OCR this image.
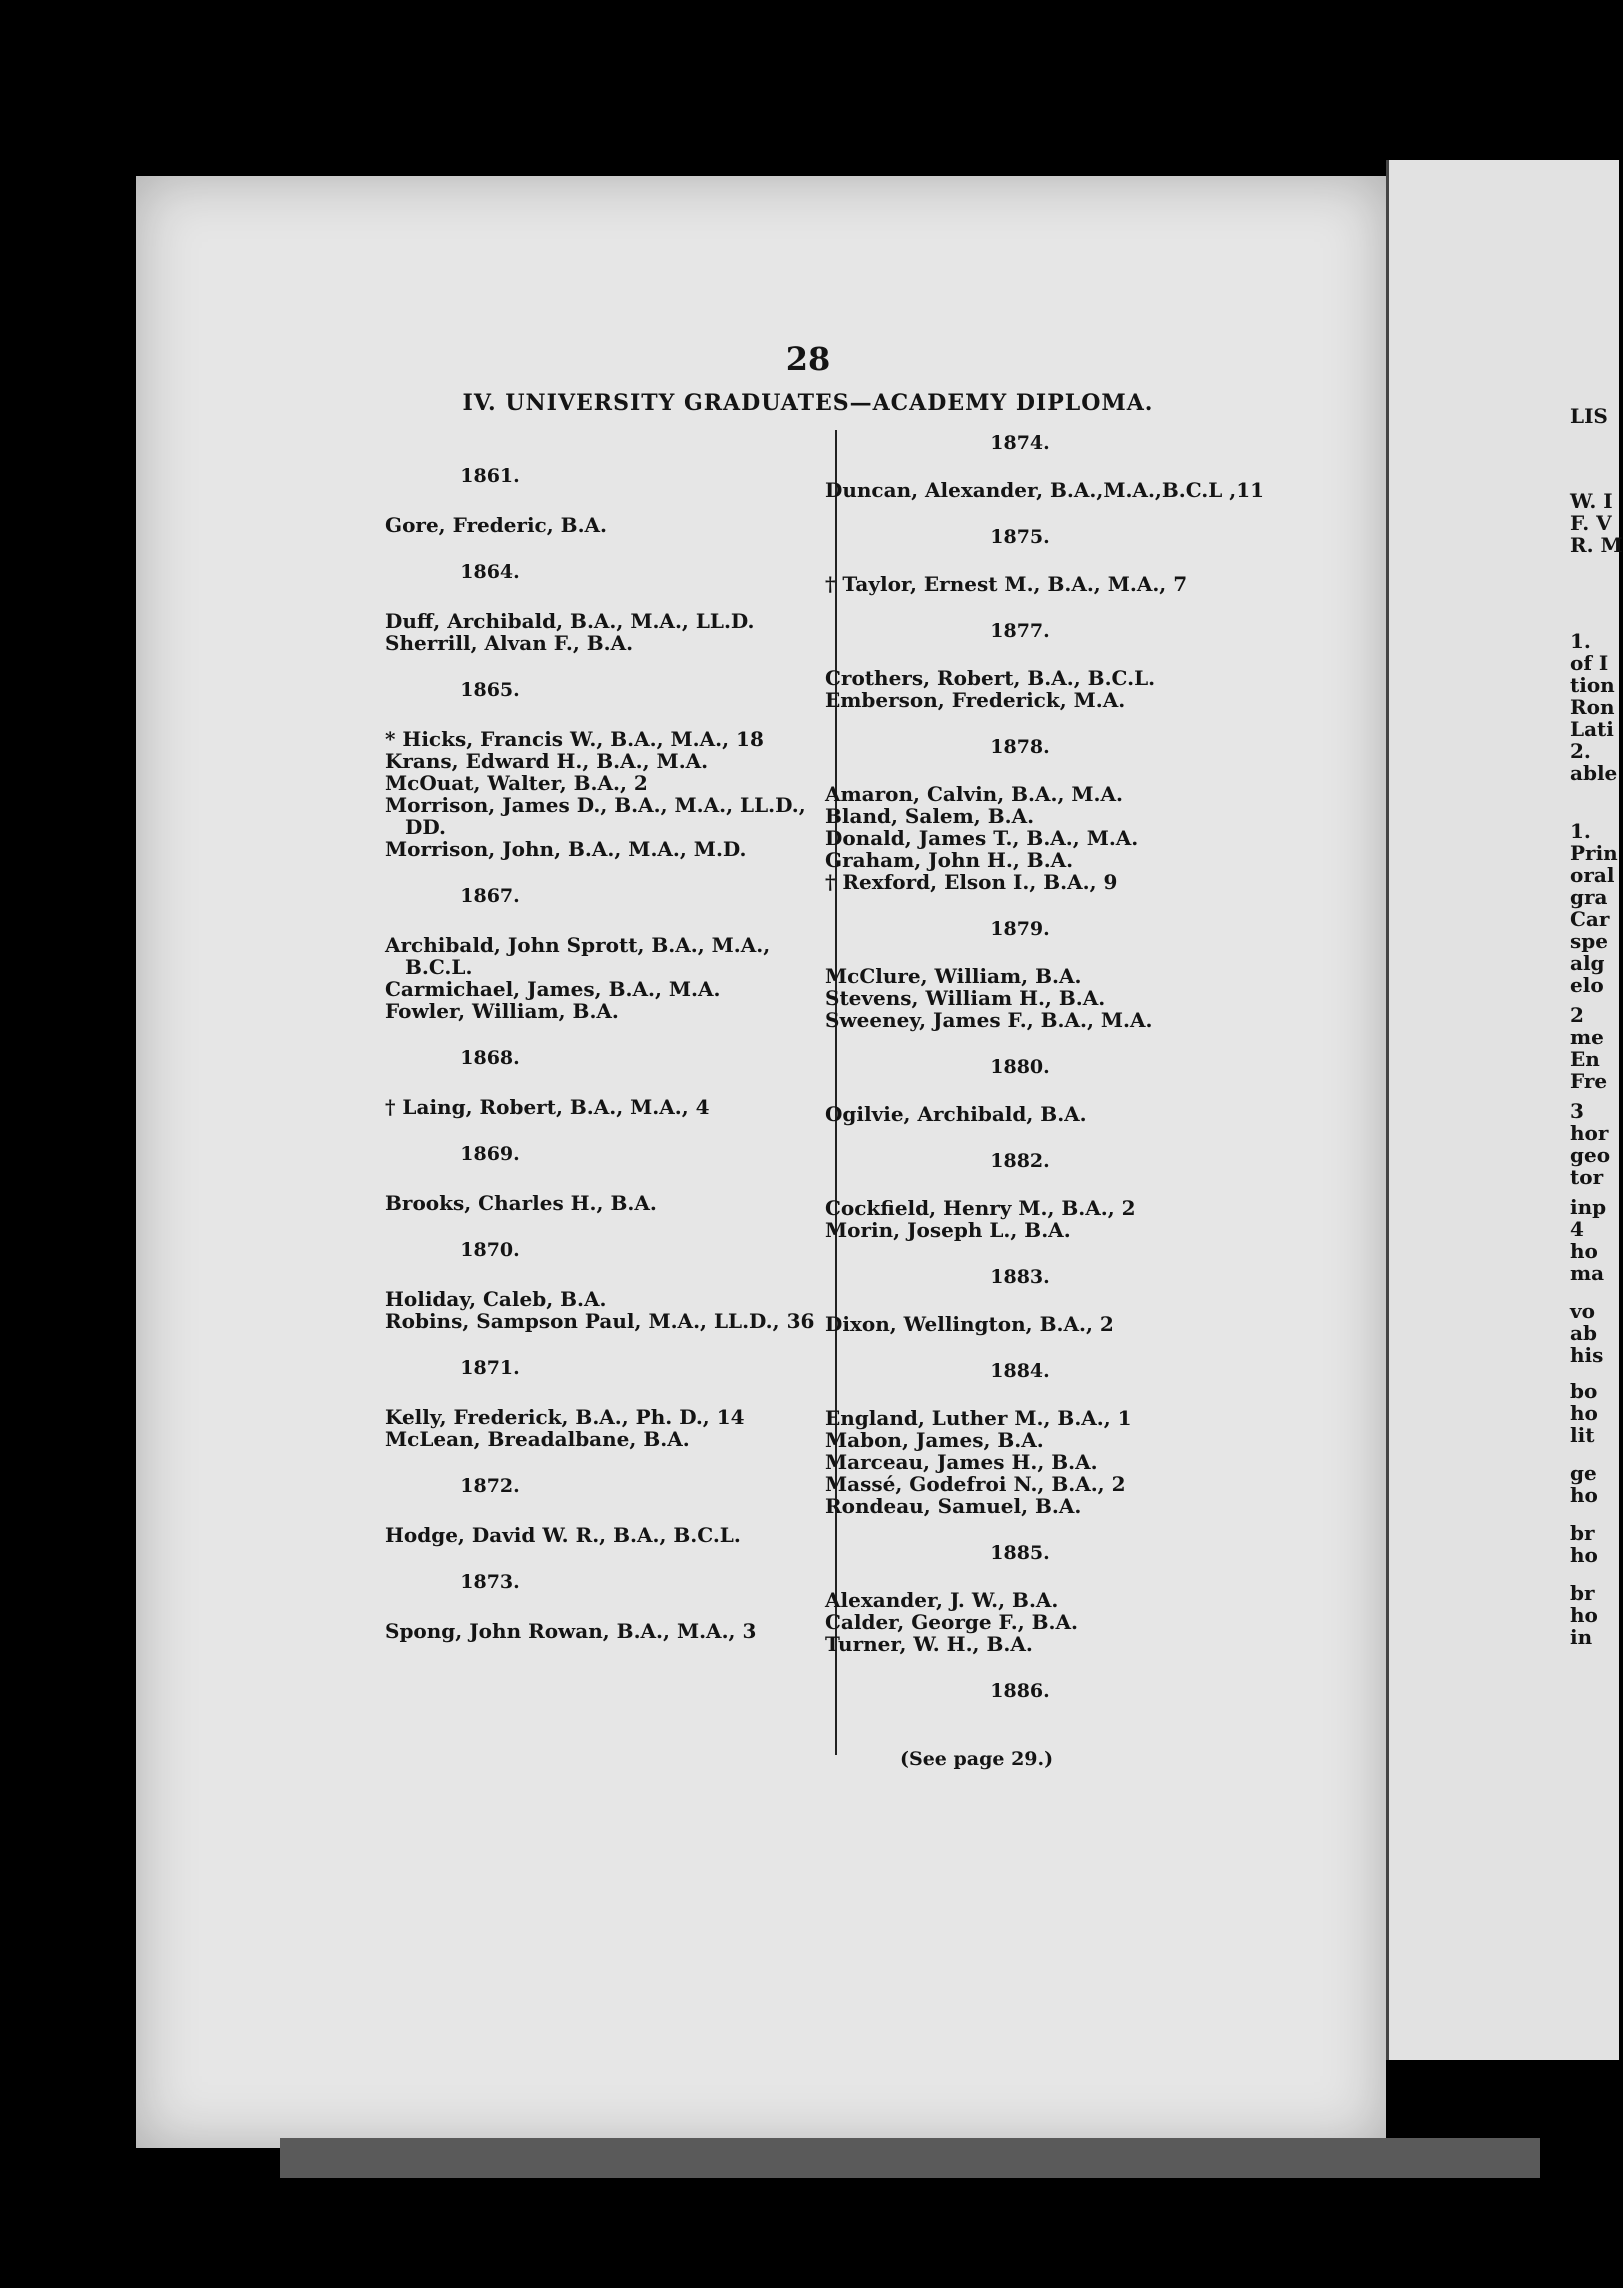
LIS
W. I
F. V
R. M
1.
of I
tion
Ron
Lati
2.
able
1.
Prin
oral
gra
Car
spe
alg
elo
2
me
En
Fre
3
hor
geo
tor
inp
4
ho
ma
vo
ab
his
bo
ho
lit
ge
ho
br
ho
br
ho
in
28
IV. UNIVERSITY GRADUATES—ACADEMY DIPLOMA.
1861.
Gore, Frederic, B.A.
1864.
Duff, Archibald, B.A., M.A., LL.D.
Sherrill, Alvan F., B.A.
1865.
* Hicks, Francis W., B.A., M.A., 18
Krans, Edward H., B.A., M.A.
McOuat, Walter, B.A., 2
Morrison, James D., B.A., M.A., LL.D.,
DD.
Morrison, John, B.A., M.A., M.D.
1867.
Archibald, John Sprott, B.A., M.A.,
B.C.L.
Carmichael, James, B.A., M.A.
Fowler, William, B.A.
1868.
† Laing, Robert, B.A., M.A., 4
1869.
Brooks, Charles H., B.A.
1870.
Holiday, Caleb, B.A.
Robins, Sampson Paul, M.A., LL.D., 36
1871.
Kelly, Frederick, B.A., Ph. D., 14
McLean, Breadalbane, B.A.
1872.
Hodge, David W. R., B.A., B.C.L.
1873.
Spong, John Rowan, B.A., M.A., 3
1874.
Duncan, Alexander, B.A.,M.A.,B.C.L ,11
1875.
† Taylor, Ernest M., B.A., M.A., 7
1877.
Crothers, Robert, B.A., B.C.L.
Emberson, Frederick, M.A.
1878.
Amaron, Calvin, B.A., M.A.
Bland, Salem, B.A.
Donald, James T., B.A., M.A.
Graham, John H., B.A.
† Rexford, Elson I., B.A., 9
1879.
McClure, William, B.A.
Stevens, William H., B.A.
Sweeney, James F., B.A., M.A.
1880.
Ogilvie, Archibald, B.A.
1882.
Cockfield, Henry M., B.A., 2
Morin, Joseph L., B.A.
1883.
Dixon, Wellington, B.A., 2
1884.
England, Luther M., B.A., 1
Mabon, James, B.A.
Marceau, James H., B.A.
Massé, Godefroi N., B.A., 2
Rondeau, Samuel, B.A.
1885.
Alexander, J. W., B.A.
Calder, George F., B.A.
Turner, W. H., B.A.
1886.
(See page 29.)
